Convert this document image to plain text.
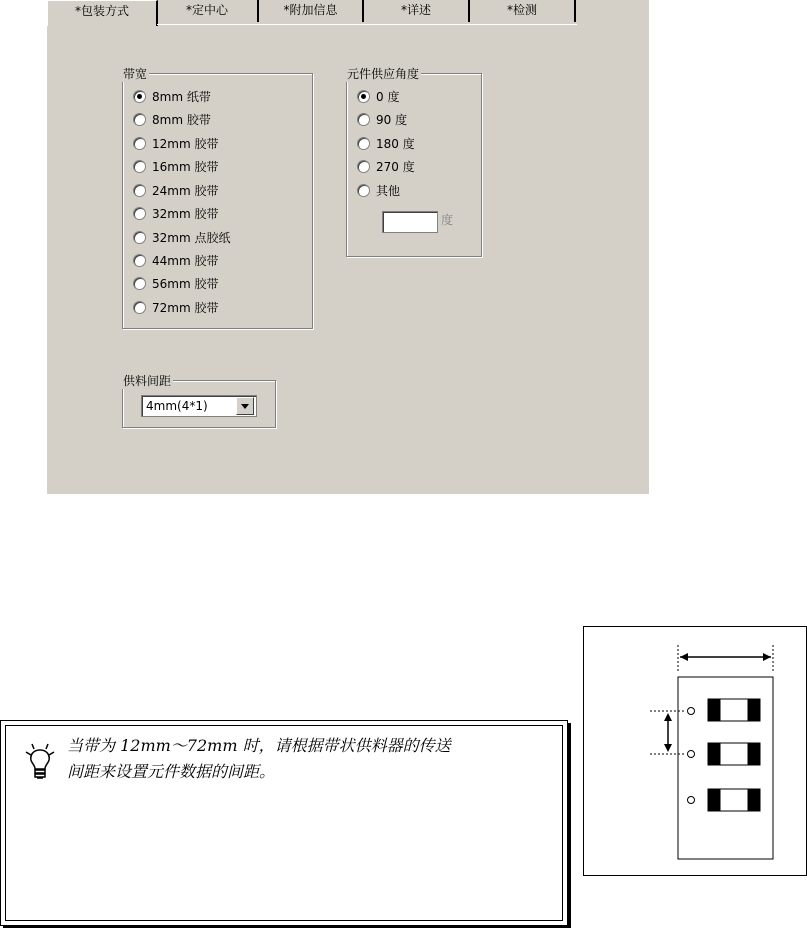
*包装方式	*定中心	*附加信息	*详述	*检测
带宽
8mm 纸带
8mm 胶带
12mm 胶带
16mm 胶带
24mm 胶带
32mm 胶带
32mm 点胶纸
44mm 胶带
56mm 胶带
72mm 胶带
元件供应角度
0 度
90 度
180 度
270 度
其他
度
供料间距
4mm(4*1)
当带为 12mm～72mm 时，请根据带状供料器的传送
间距来设置元件数据的间距。
